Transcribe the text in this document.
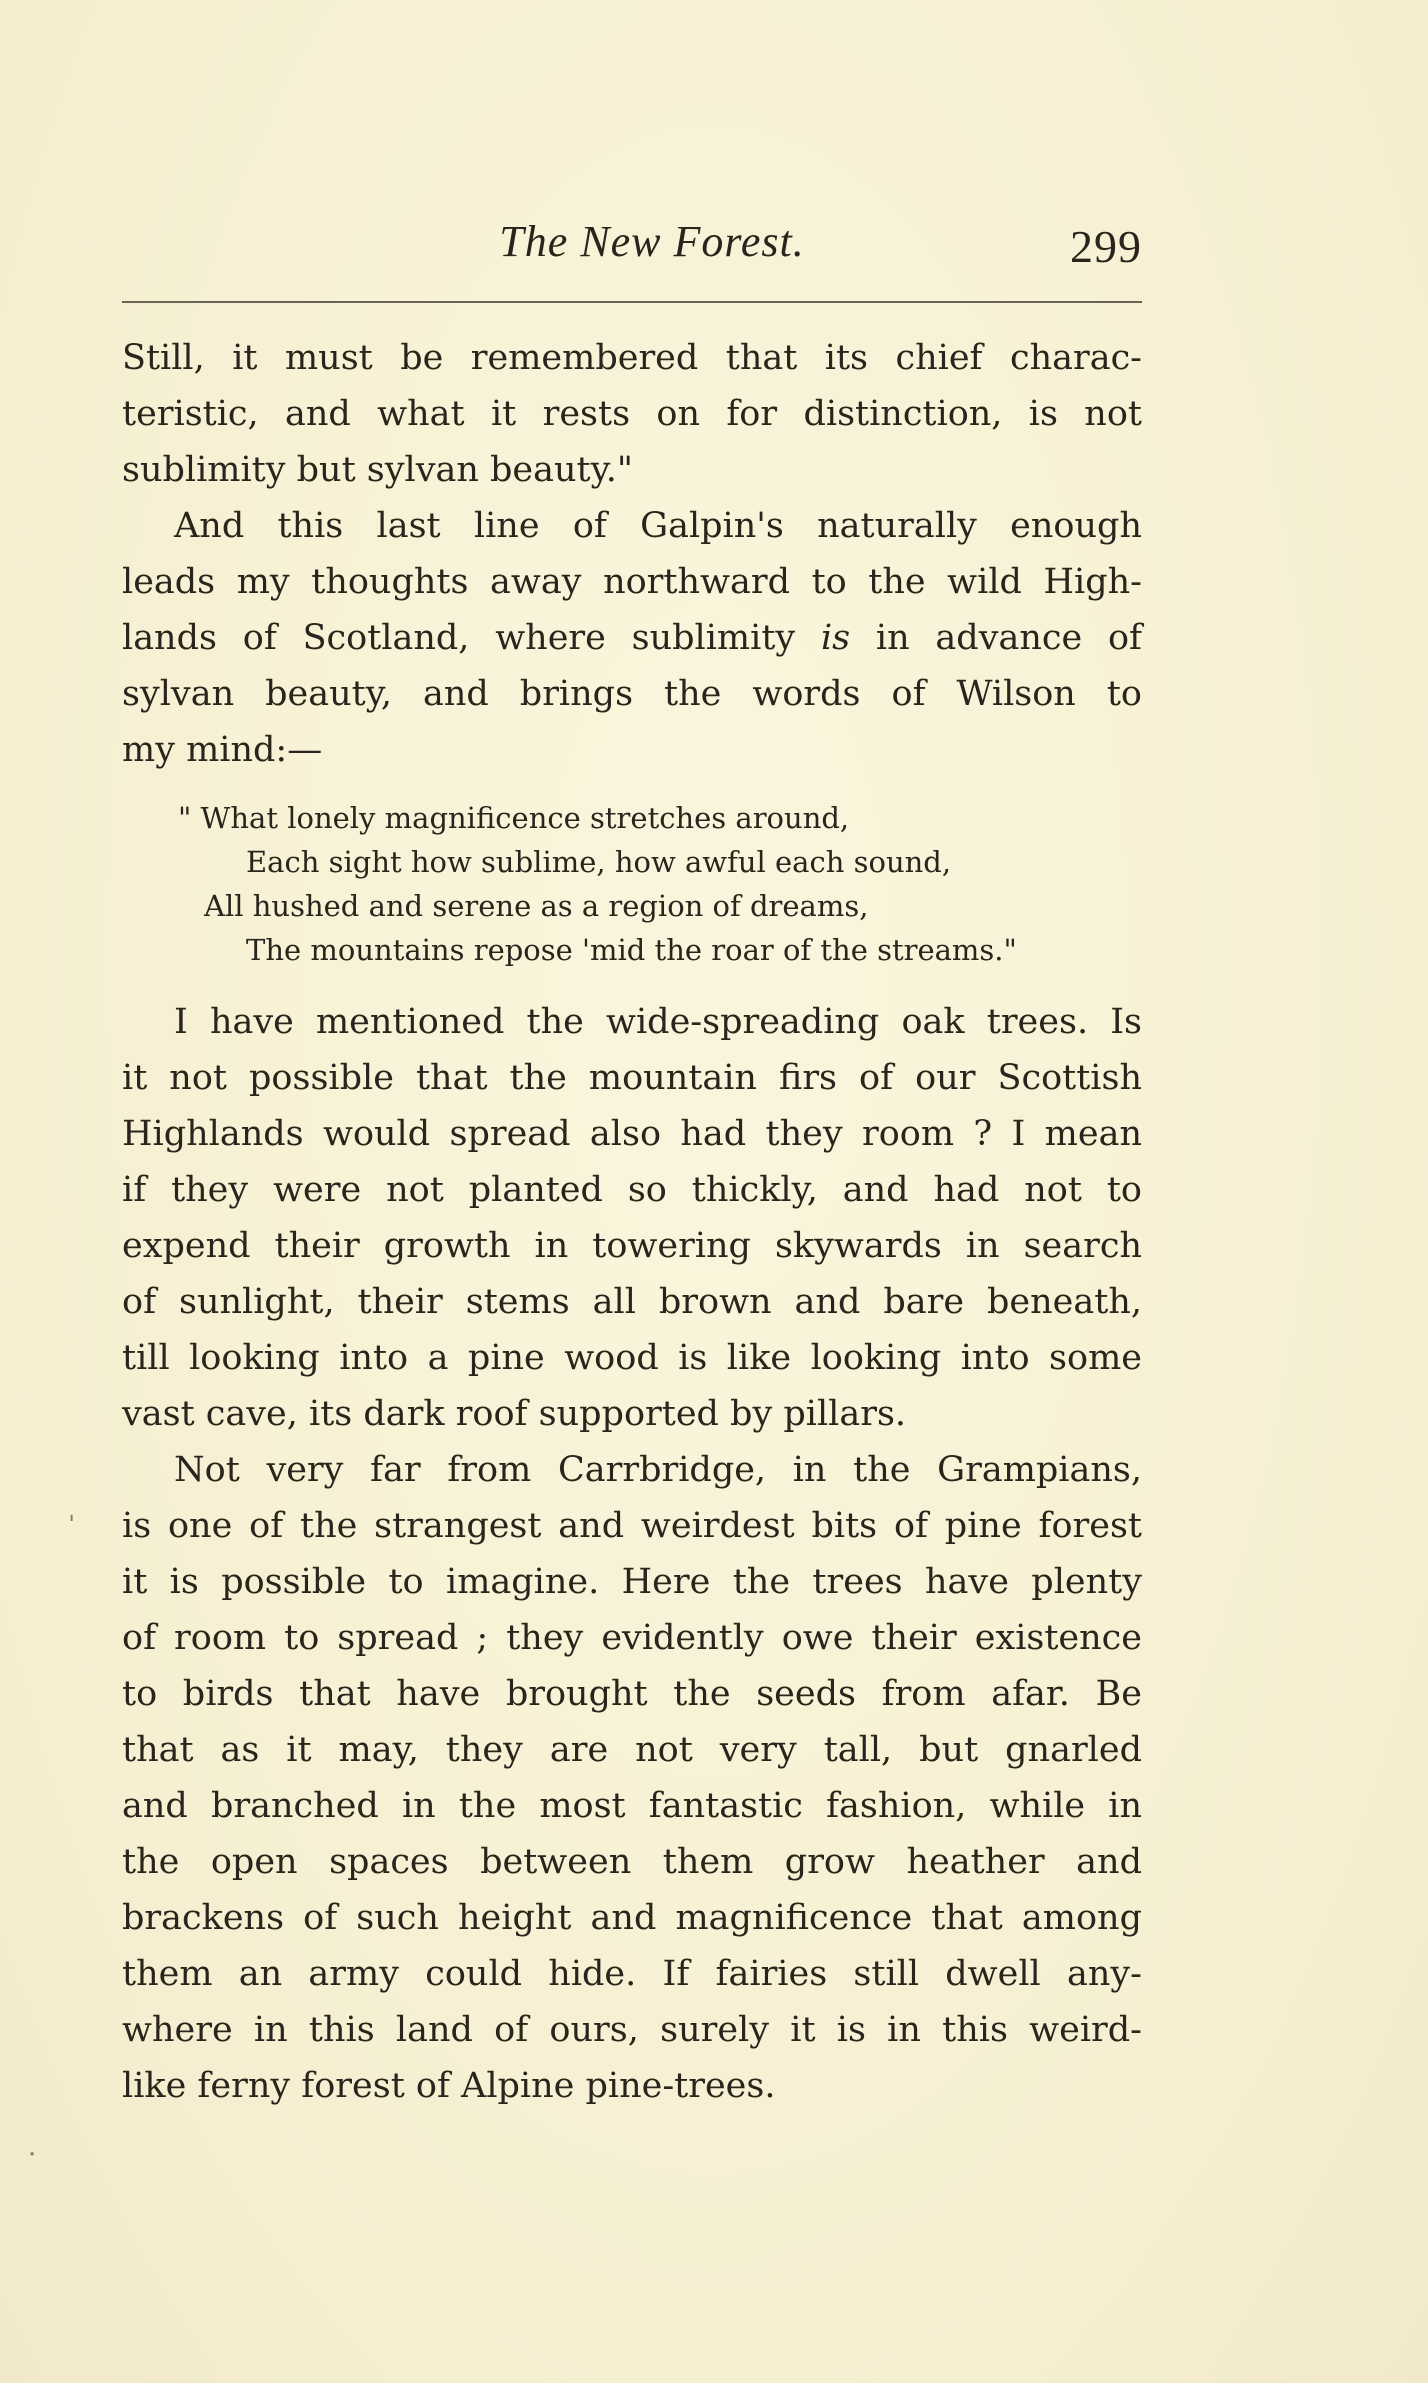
The New Forest.	299
Still, it must be remembered that its chief charac-
teristic, and what it rests on for distinction, is not
sublimity but sylvan beauty."
And this last line of Galpin's naturally enough
leads my thoughts away northward to the wild High-
lands of Scotland, where sublimity is in advance of
sylvan beauty, and brings the words of Wilson to
my mind:—
" What lonely magnificence stretches around,
Each sight how sublime, how awful each sound,
All hushed and serene as a region of dreams,
The mountains repose 'mid the roar of the streams."
I have mentioned the wide-spreading oak trees. Is
it not possible that the mountain firs of our Scottish
Highlands would spread also had they room ? I mean
if they were not planted so thickly, and had not to
expend their growth in towering skywards in search
of sunlight, their stems all brown and bare beneath,
till looking into a pine wood is like looking into some
vast cave, its dark roof supported by pillars.
Not very far from Carrbridge, in the Grampians,
is one of the strangest and weirdest bits of pine forest
it is possible to imagine. Here the trees have plenty
of room to spread ; they evidently owe their existence
to birds that have brought the seeds from afar. Be
that as it may, they are not very tall, but gnarled
and branched in the most fantastic fashion, while in
the open spaces between them grow heather and
brackens of such height and magnificence that among
them an army could hide. If fairies still dwell any-
where in this land of ours, surely it is in this weird-
like ferny forest of Alpine pine-trees.
ˌ
·
